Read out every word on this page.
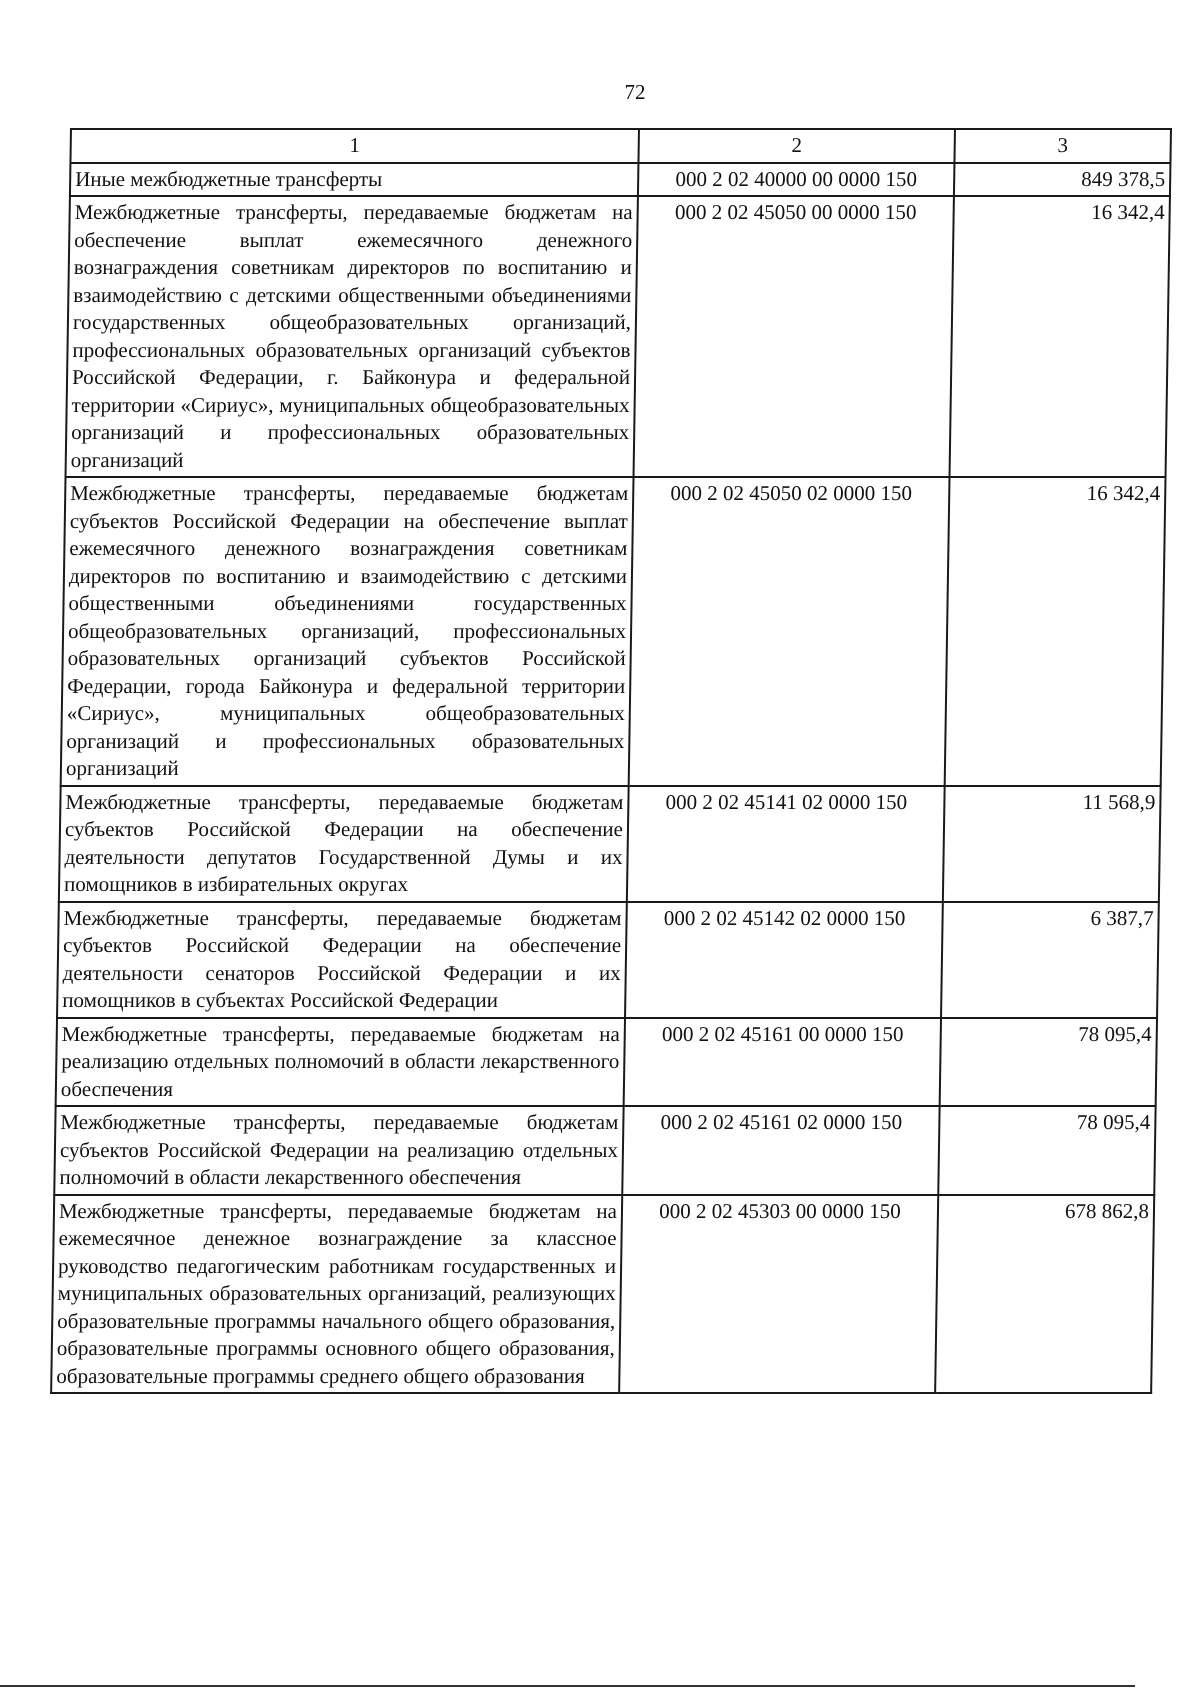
72
1	2	3
Иные межбюджетные трансферты	000 2 02 40000 00 0000 150	849 378,5
Межбюджетные трансферты, передаваемые бюджетам на обеспечение выплат ежемесячного денежного вознаграждения советникам директоров по воспитанию и взаимодействию с детскими общественными объединениями государственных общеобразовательных организаций, профессиональных образовательных организаций субъектов Российской Федерации, г. Байконура и федеральной территории «Сириус», муниципальных общеобразовательных организаций и профессиональных образовательных организаций	000 2 02 45050 00 0000 150	16 342,4
Межбюджетные трансферты, передаваемые бюджетам субъектов Российской Федерации на обеспечение выплат ежемесячного денежного вознаграждения советникам директоров по воспитанию и взаимодействию с детскими общественными объединениями государственных общеобразовательных организаций, профессиональных образовательных организаций субъектов Российской Федерации, города Байконура и федеральной территории «Сириус», муниципальных общеобразовательных организаций и профессиональных образовательных организаций	000 2 02 45050 02 0000 150	16 342,4
Межбюджетные трансферты, передаваемые бюджетам субъектов Российской Федерации на обеспечение деятельности депутатов Государственной Думы и их помощников в избирательных округах	000 2 02 45141 02 0000 150	11 568,9
Межбюджетные трансферты, передаваемые бюджетам субъектов Российской Федерации на обеспечение деятельности сенаторов Российской Федерации и их помощников в субъектах Российской Федерации	000 2 02 45142 02 0000 150	6 387,7
Межбюджетные трансферты, передаваемые бюджетам на реализацию отдельных полномочий в области лекарственного обеспечения	000 2 02 45161 00 0000 150	78 095,4
Межбюджетные трансферты, передаваемые бюджетам субъектов Российской Федерации на реализацию отдельных полномочий в области лекарственного обеспечения	000 2 02 45161 02 0000 150	78 095,4
Межбюджетные трансферты, передаваемые бюджетам на ежемесячное денежное вознаграждение за классное руководство педагогическим работникам государственных и муниципальных образовательных организаций, реализующих образовательные программы начального общего образования, образовательные программы основного общего образования, образовательные программы среднего общего образования	000 2 02 45303 00 0000 150	678 862,8
